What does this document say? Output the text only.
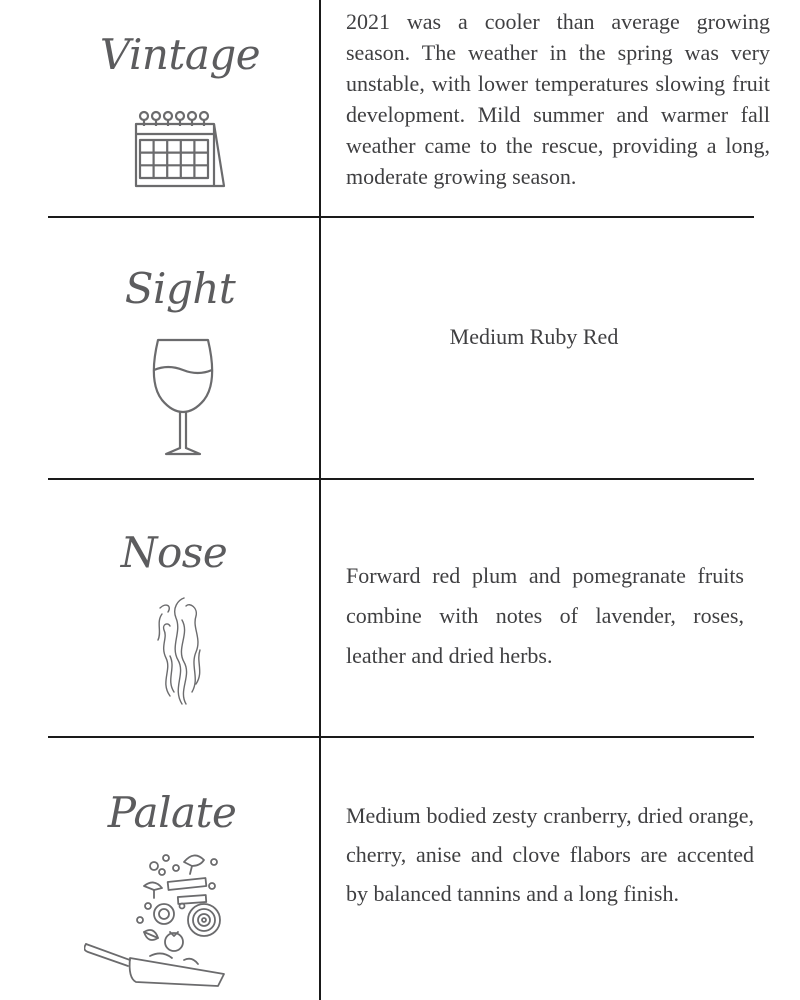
Vintage
2021 was a cooler than average growing season. The weather in the spring was very unstable, with lower temperatures slowing fruit development. Mild summer and warmer fall weather came to the rescue, providing a long, moderate growing season.
Sight
Medium Ruby Red
Nose	Forward red plum and pomegranate fruits combine with notes of lavender, roses, leather and dried herbs.
Palate	Medium bodied zesty cranberry, dried orange, cherry, anise and clove flabors are accented by balanced tannins and a long finish.
